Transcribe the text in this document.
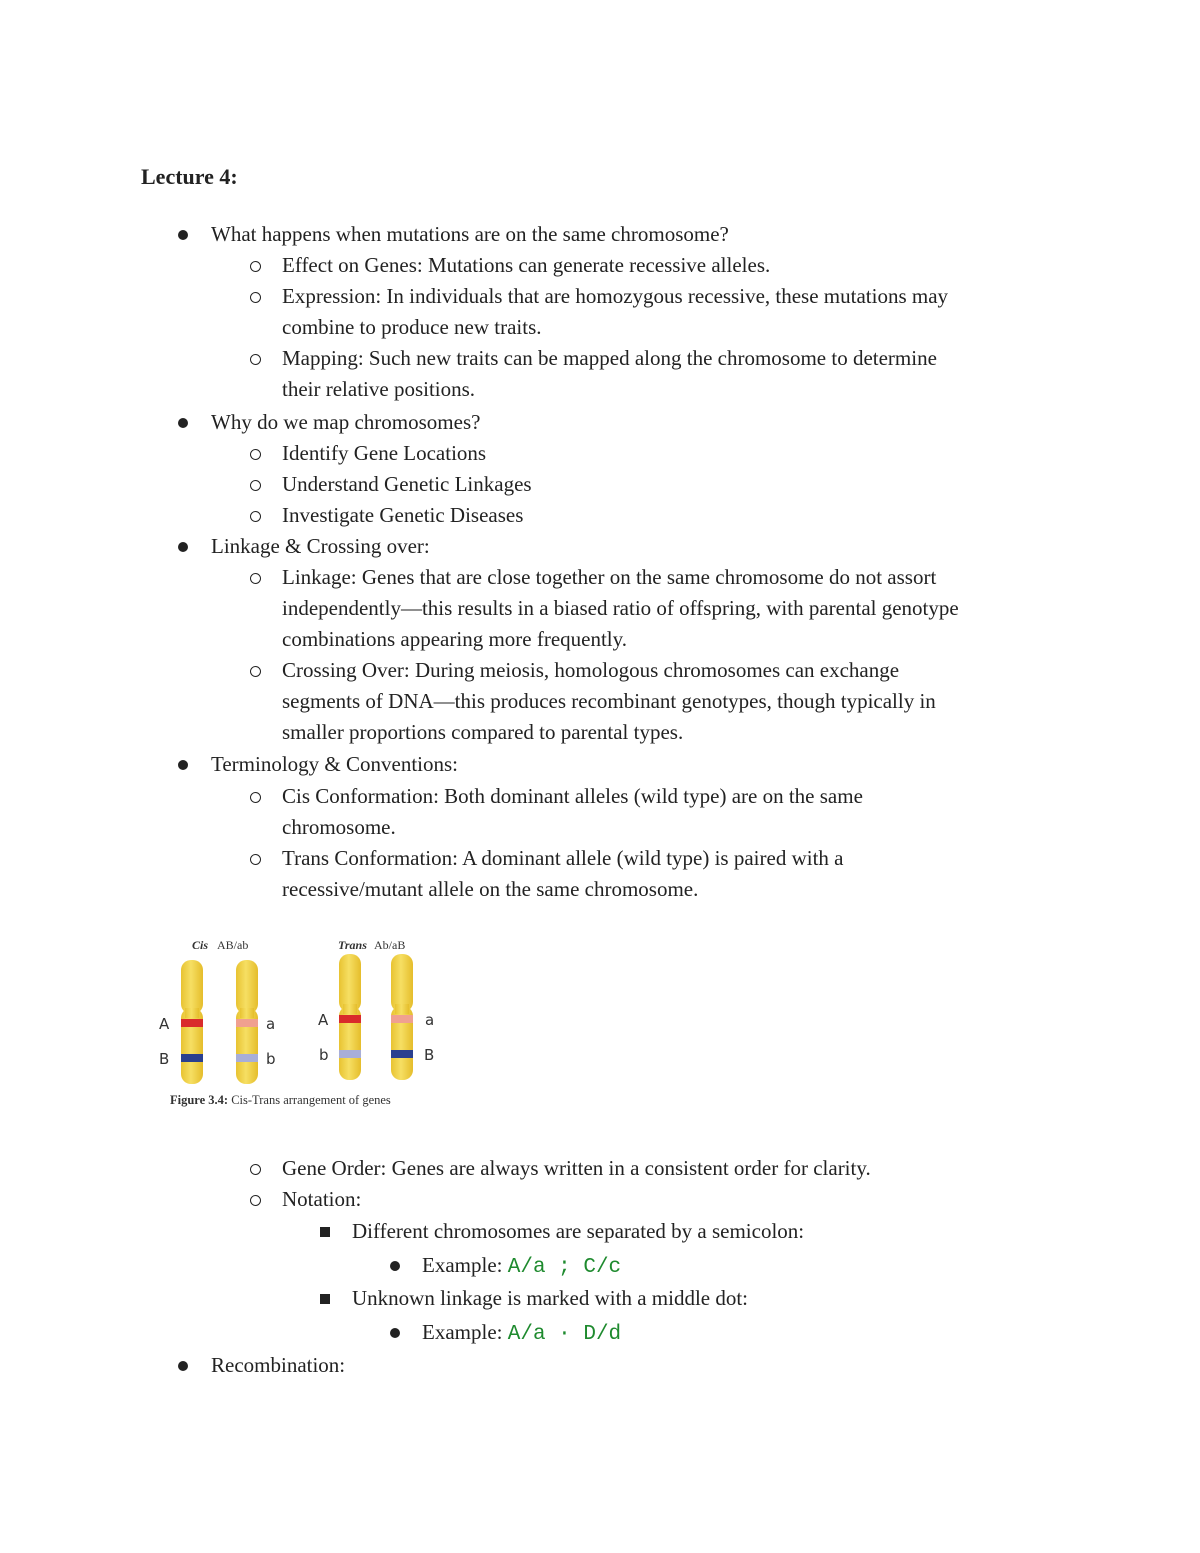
Lecture 4:
What happens when mutations are on the same chromosome?
Effect on Genes: Mutations can generate recessive alleles.
Expression: In individuals that are homozygous recessive, these mutations may
combine to produce new traits.
Mapping: Such new traits can be mapped along the chromosome to determine
their relative positions.
Why do we map chromosomes?
Identify Gene Locations
Understand Genetic Linkages
Investigate Genetic Diseases
Linkage & Crossing over:
Linkage: Genes that are close together on the same chromosome do not assort
independently—this results in a biased ratio of offspring, with parental genotype
combinations appearing more frequently.
Crossing Over: During meiosis, homologous chromosomes can exchange
segments of DNA—this produces recombinant genotypes, though typically in
smaller proportions compared to parental types.
Terminology & Conventions:
Cis Conformation: Both dominant alleles (wild type) are on the same
chromosome.
Trans Conformation: A dominant allele (wild type) is paired with a
recessive/mutant allele on the same chromosome.
Cis AB/ab	Trans Ab/aB
A
B
a
b
A
b
a
B
Figure 3.4: Cis-Trans arrangement of genes
Gene Order: Genes are always written in a consistent order for clarity.
Notation:
Different chromosomes are separated by a semicolon:
Example: A/a ; C/c
Unknown linkage is marked with a middle dot:
Example: A/a · D/d
Recombination:
